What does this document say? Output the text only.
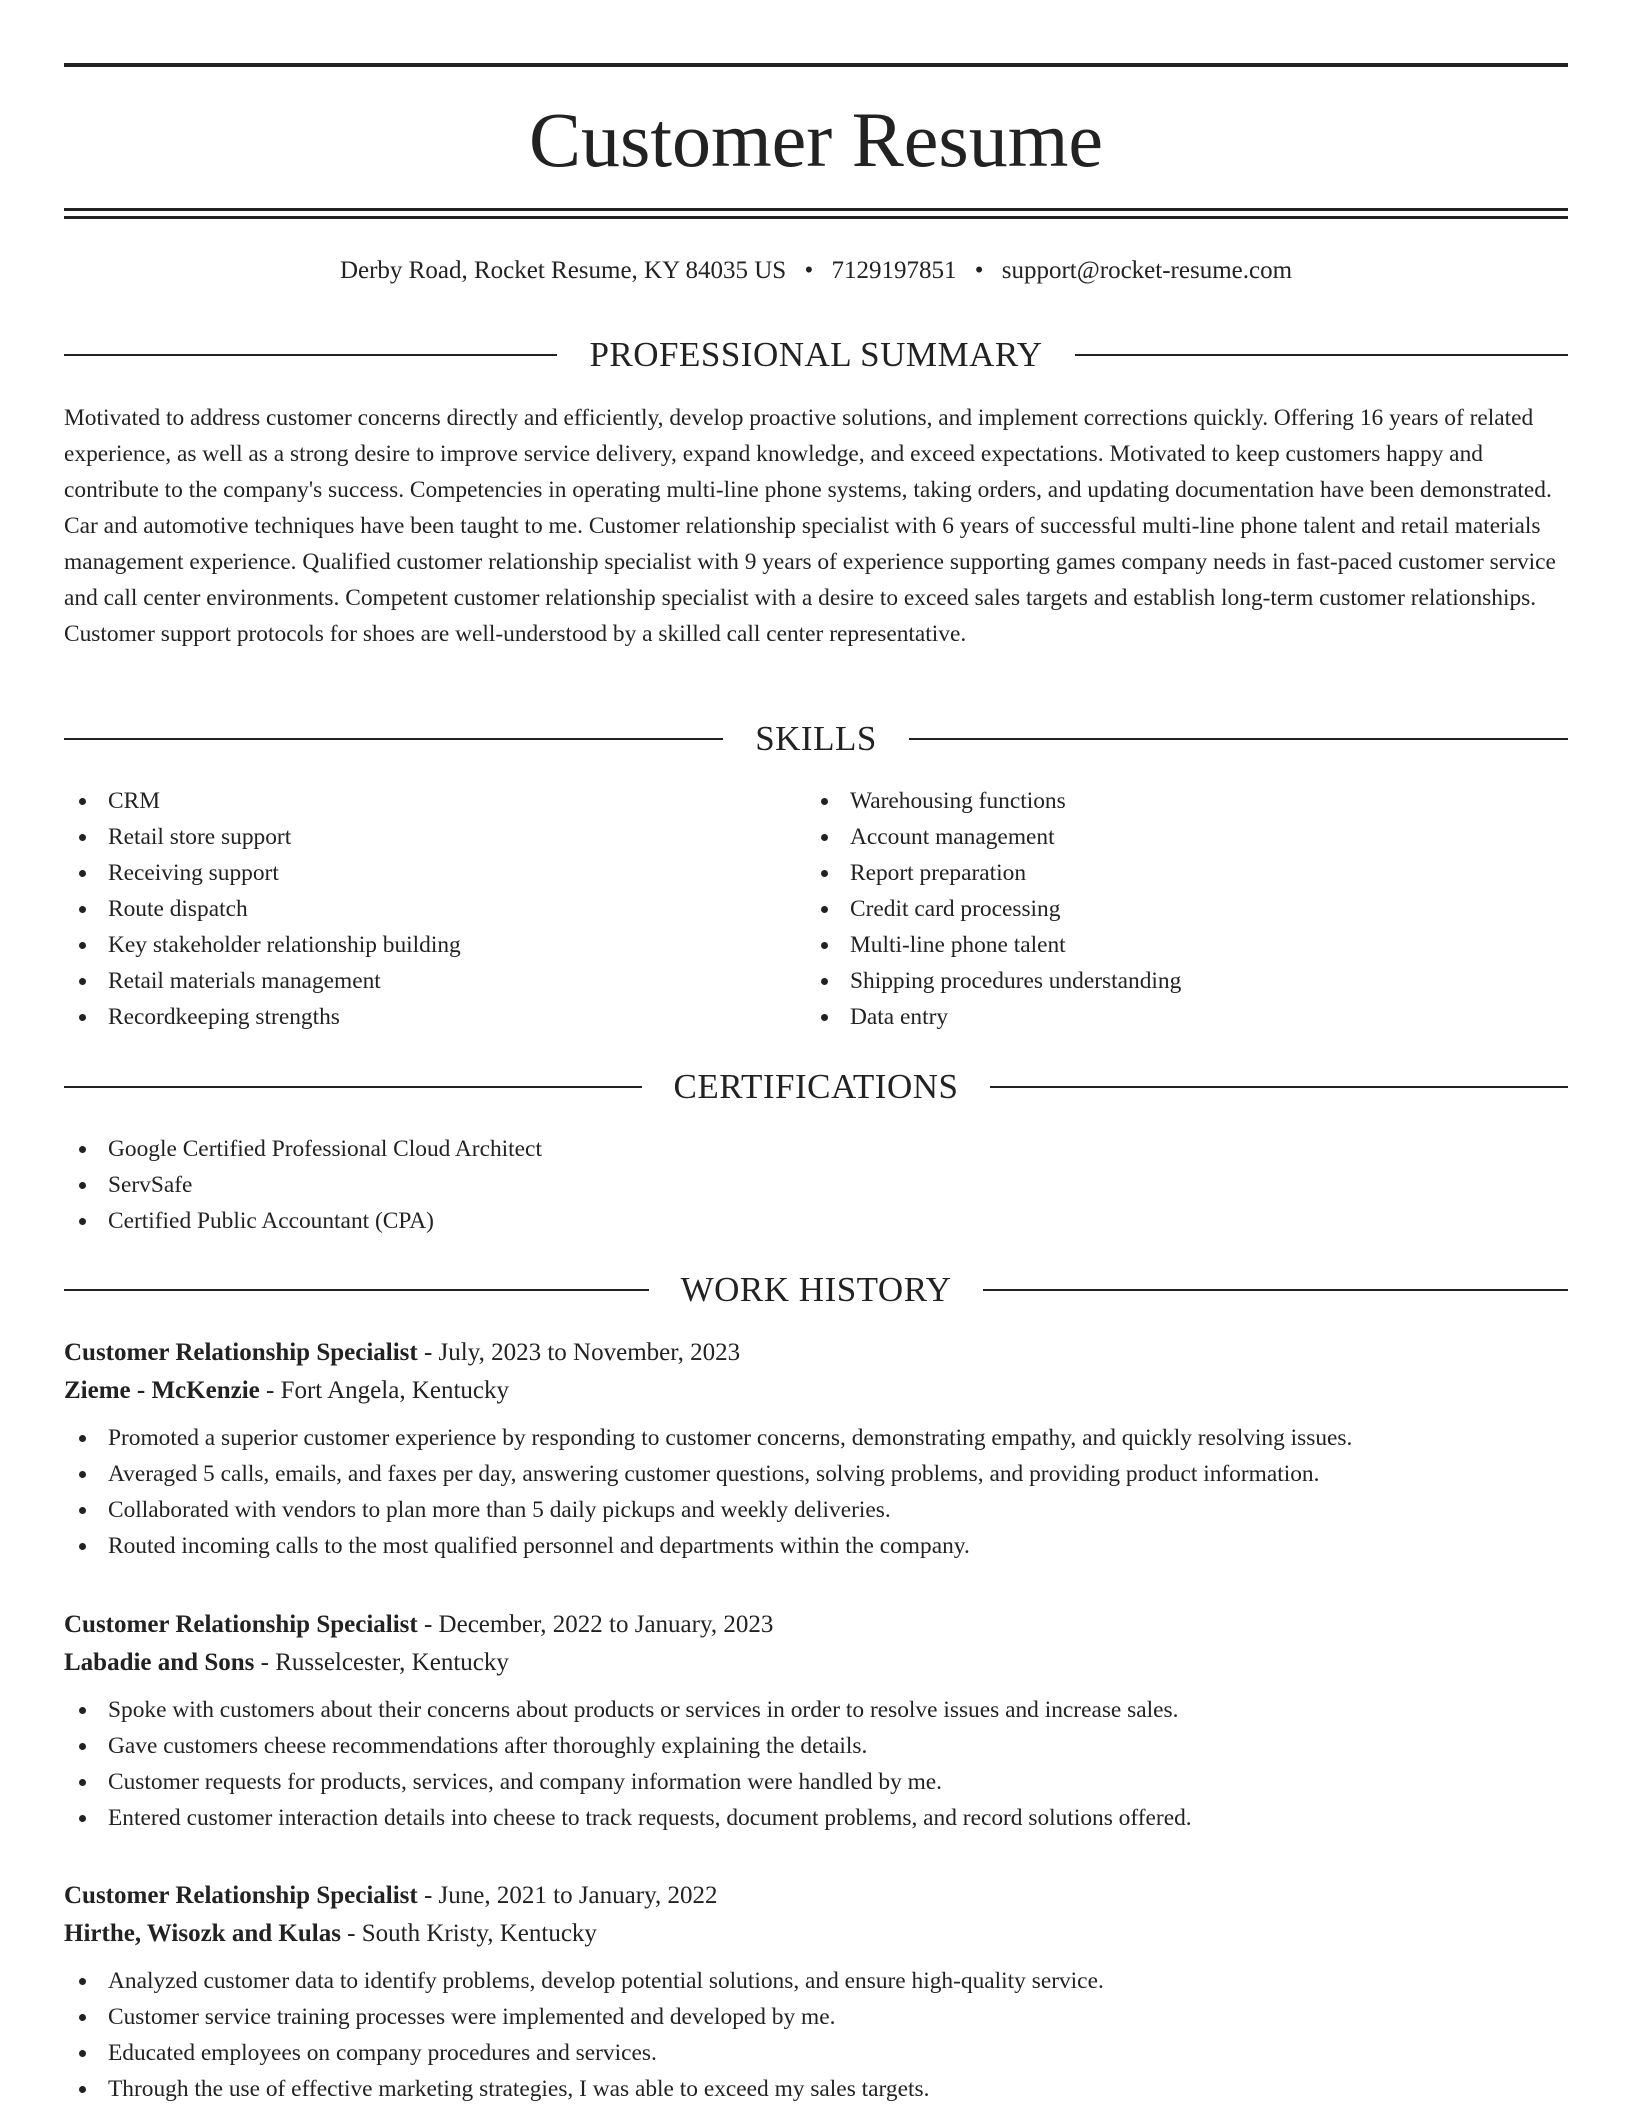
Customer Resume
Derby Road, Rocket Resume, KY 84035 US • 7129197851 • support@rocket-resume.com
PROFESSIONAL SUMMARY

Motivated to address customer concerns directly and efficiently, develop proactive solutions, and implement corrections quickly. Offering 16 years of related experience, as well as a strong desire to improve service delivery, expand knowledge, and exceed expectations. Motivated to keep customers happy and contribute to the company's success. Competencies in operating multi-line phone systems, taking orders, and updating documentation have been demonstrated. Car and automotive techniques have been taught to me. Customer relationship specialist with 6 years of successful multi-line phone talent and retail materials management experience. Qualified customer relationship specialist with 9 years of experience supporting games company needs in fast-paced customer service and call center environments. Competent customer relationship specialist with a desire to exceed sales targets and establish long-term customer relationships. Customer support protocols for shoes are well-understood by a skilled call center representative.

SKILLS
CRM
Retail store support
Receiving support
Route dispatch
Key stakeholder relationship building
Retail materials management
Recordkeeping strengths
Warehousing functions
Account management
Report preparation
Credit card processing
Multi-line phone talent
Shipping procedures understanding
Data entry
CERTIFICATIONS
Google Certified Professional Cloud Architect
ServSafe
Certified Public Accountant (CPA)
WORK HISTORY
Customer Relationship Specialist - July, 2023 to November, 2023
Zieme - McKenzie - Fort Angela, Kentucky
Promoted a superior customer experience by responding to customer concerns, demonstrating empathy, and quickly resolving issues.
Averaged 5 calls, emails, and faxes per day, answering customer questions, solving problems, and providing product information.
Collaborated with vendors to plan more than 5 daily pickups and weekly deliveries.
Routed incoming calls to the most qualified personnel and departments within the company.
Customer Relationship Specialist - December, 2022 to January, 2023
Labadie and Sons - Russelcester, Kentucky
Spoke with customers about their concerns about products or services in order to resolve issues and increase sales.
Gave customers cheese recommendations after thoroughly explaining the details.
Customer requests for products, services, and company information were handled by me.
Entered customer interaction details into cheese to track requests, document problems, and record solutions offered.
Customer Relationship Specialist - June, 2021 to January, 2022
Hirthe, Wisozk and Kulas - South Kristy, Kentucky
Analyzed customer data to identify problems, develop potential solutions, and ensure high-quality service.
Customer service training processes were implemented and developed by me.
Educated employees on company procedures and services.
Through the use of effective marketing strategies, I was able to exceed my sales targets.
